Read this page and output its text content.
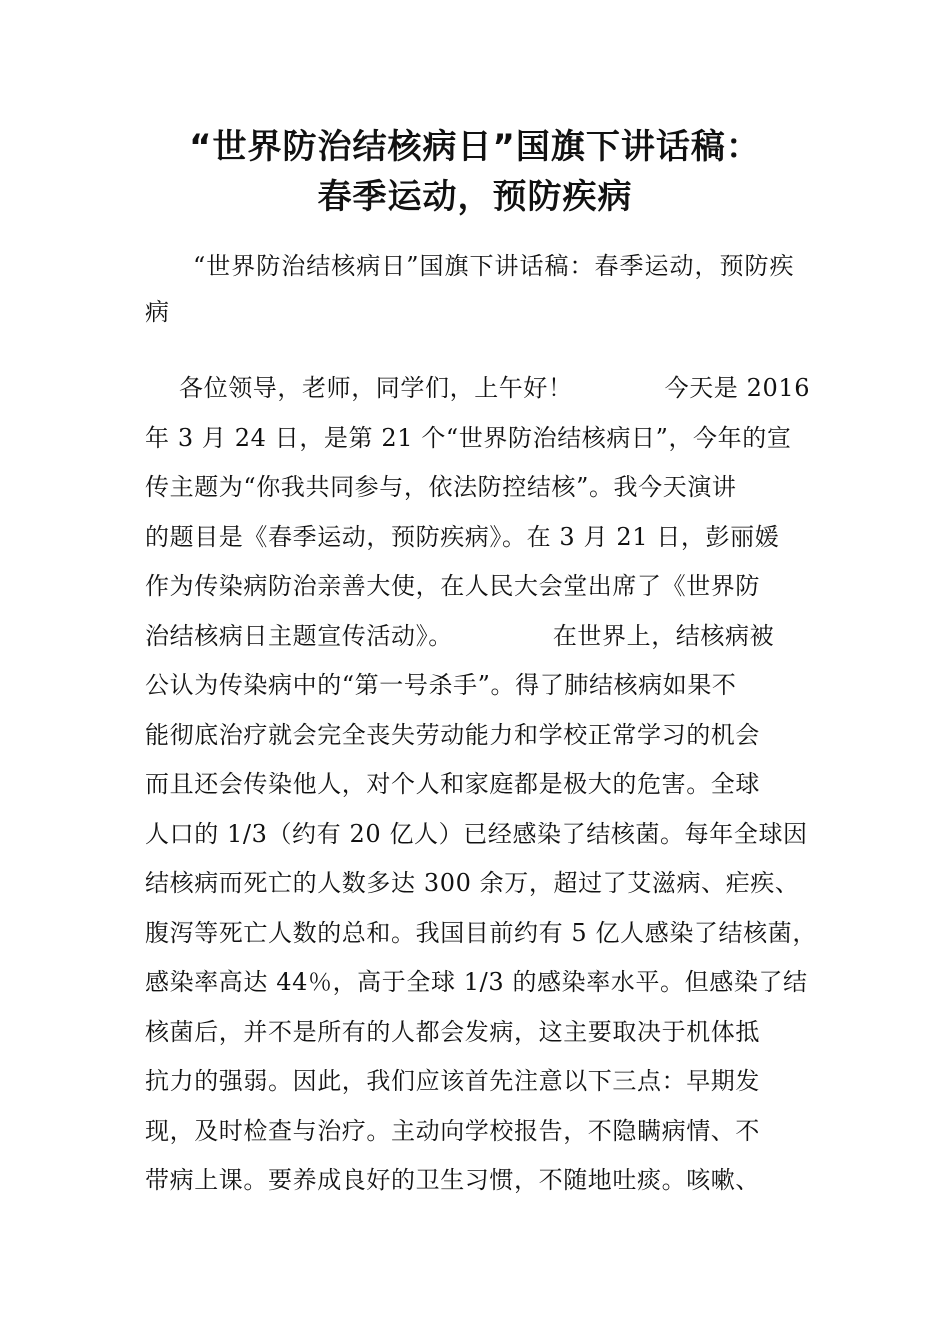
“世界防治结核病日”国旗下讲话稿：
春季运动，预防疾病

“世界防治结核病日”国旗下讲话稿：春季运动，预防疾病

各位领导，老师，同学们，上午好！	今天是 2016
年 3 月 24 日，是第 21 个“世界防治结核病日”，今年的宣
传主题为“你我共同参与，依法防控结核”。我今天演讲
的题目是《春季运动，预防疾病》。在 3 月 21 日，彭丽媛
作为传染病防治亲善大使，在人民大会堂出席了《世界防
治结核病日主题宣传活动》。	在世界上，结核病被
公认为传染病中的“第一号杀手”。得了肺结核病如果不
能彻底治疗就会完全丧失劳动能力和学校正常学习的机会
而且还会传染他人，对个人和家庭都是极大的危害。全球
人口的 1/3（约有 20 亿人）已经感染了结核菌。每年全球因
结核病而死亡的人数多达 300 余万，超过了艾滋病、疟疾、
腹泻等死亡人数的总和。我国目前约有 5 亿人感染了结核菌，
感染率高达 44％，高于全球 1/3 的感染率水平。但感染了结
核菌后，并不是所有的人都会发病，这主要取决于机体抵
抗力的强弱。因此，我们应该首先注意以下三点：早期发
现，及时检查与治疗。主动向学校报告，不隐瞒病情、不
带病上课。要养成良好的卫生习惯，不随地吐痰。咳嗽、
